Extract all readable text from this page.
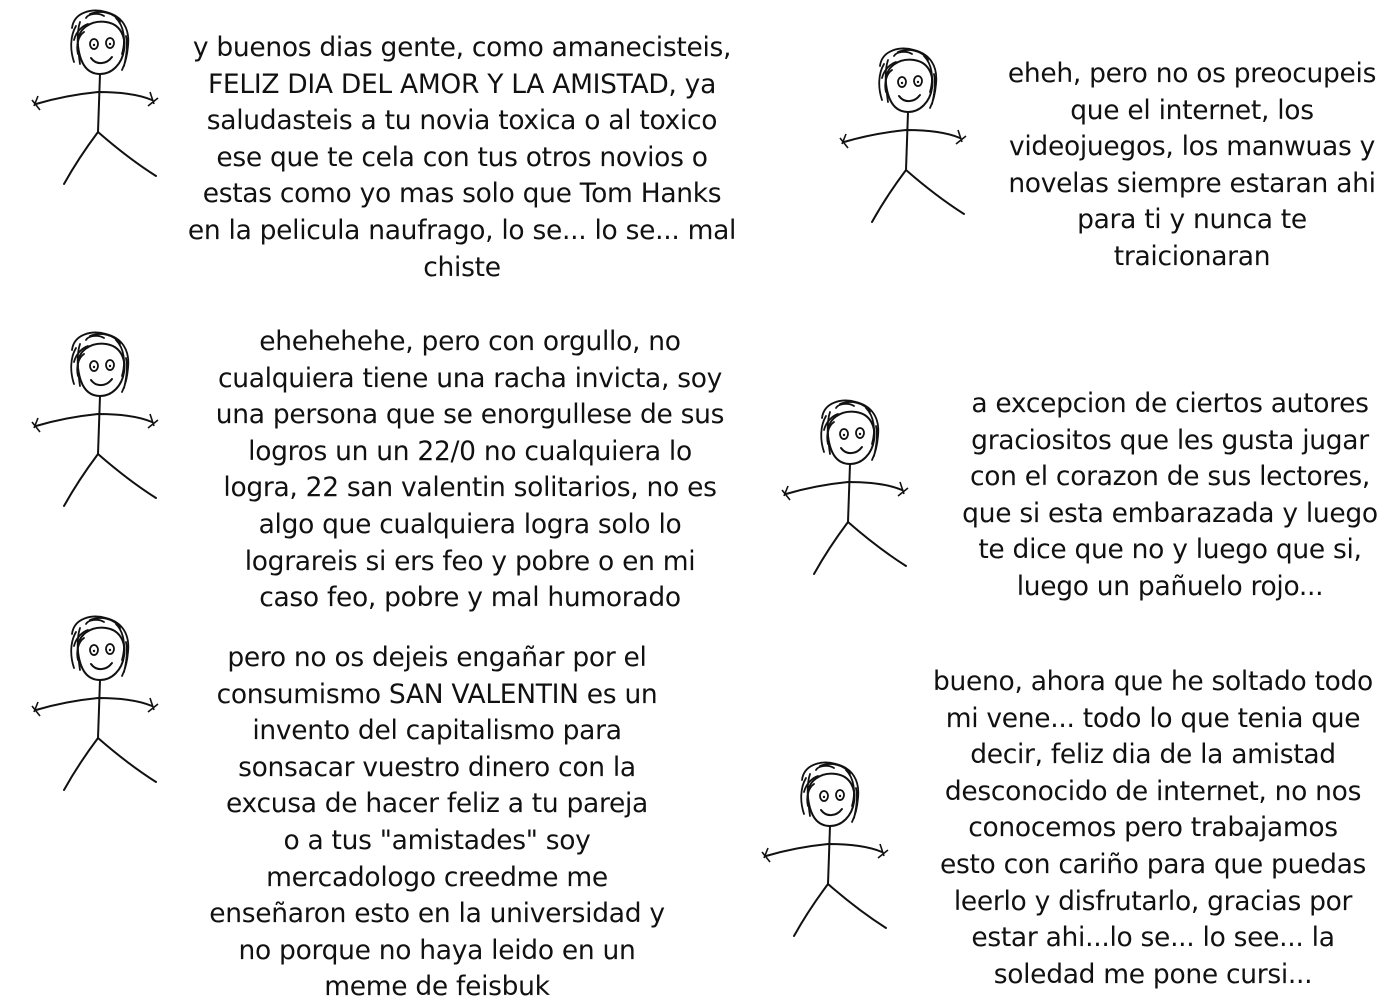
y buenos dias gente, como amanecisteis,
FELIZ DIA DEL AMOR Y LA AMISTAD, ya
saludasteis a tu novia toxica o al toxico
ese que te cela con tus otros novios o
estas como yo mas solo que Tom Hanks
en la pelicula naufrago, lo se... lo se... mal
chiste
eheh, pero no os preocupeis
que el internet, los
videojuegos, los manwuas y
novelas siempre estaran ahi
para ti y nunca te
traicionaran
ehehehehe, pero con orgullo, no
cualquiera tiene una racha invicta, soy
una persona que se enorgullese de sus
logros un un 22/0 no cualquiera lo
logra, 22 san valentin solitarios, no es
algo que cualquiera logra solo lo
lograreis si ers feo y pobre o en mi
caso feo, pobre y mal humorado
a excepcion de ciertos autores
graciositos que les gusta jugar
con el corazon de sus lectores,
que si esta embarazada y luego
te dice que no y luego que si,
luego un pañuelo rojo...
pero no os dejeis engañar por el
consumismo SAN VALENTIN es un
invento del capitalismo para
sonsacar vuestro dinero con la
excusa de hacer feliz a tu pareja
o a tus "amistades" soy
mercadologo creedme me
enseñaron esto en la universidad y
no porque no haya leido en un
meme de feisbuk
bueno, ahora que he soltado todo
mi vene... todo lo que tenia que
decir, feliz dia de la amistad
desconocido de internet, no nos
conocemos pero trabajamos
esto con cariño para que puedas
leerlo y disfrutarlo, gracias por
estar ahi...lo se... lo see... la
soledad me pone cursi...
